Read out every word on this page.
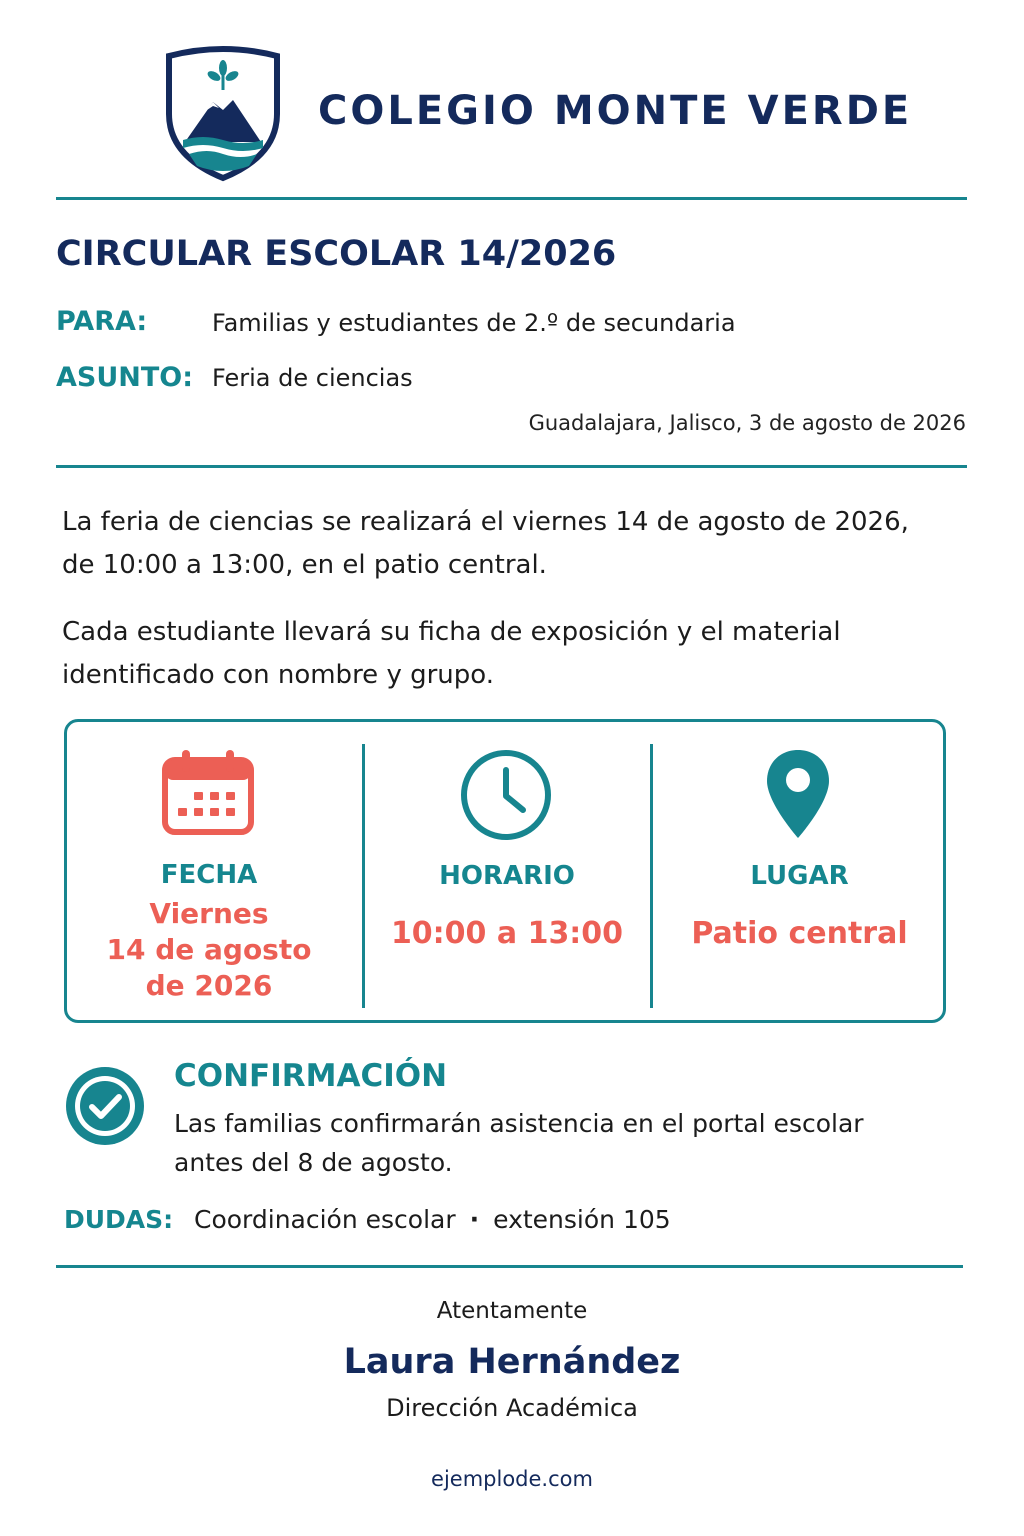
COLEGIO MONTE VERDE
CIRCULAR ESCOLAR 14/2026
PARA:	Familias y estudiantes de 2.º de secundaria
ASUNTO: Feria de ciencias
Guadalajara, Jalisco, 3 de agosto de 2026
La feria de ciencias se realizará el viernes 14 de agosto de 2026,
de 10:00 a 13:00, en el patio central.
Cada estudiante llevará su ficha de exposición y el material
identificado con nombre y grupo.
FECHA
Viernes
14 de agosto
de 2026
HORARIO
10:00 a 13:00
LUGAR
Patio central
CONFIRMACIÓN
Las familias confirmarán asistencia en el portal escolar
antes del 8 de agosto.
DUDAS: Coordinación escolar · extensión 105
Atentamente
Laura Hernández
Dirección Académica
ejemplode.com
